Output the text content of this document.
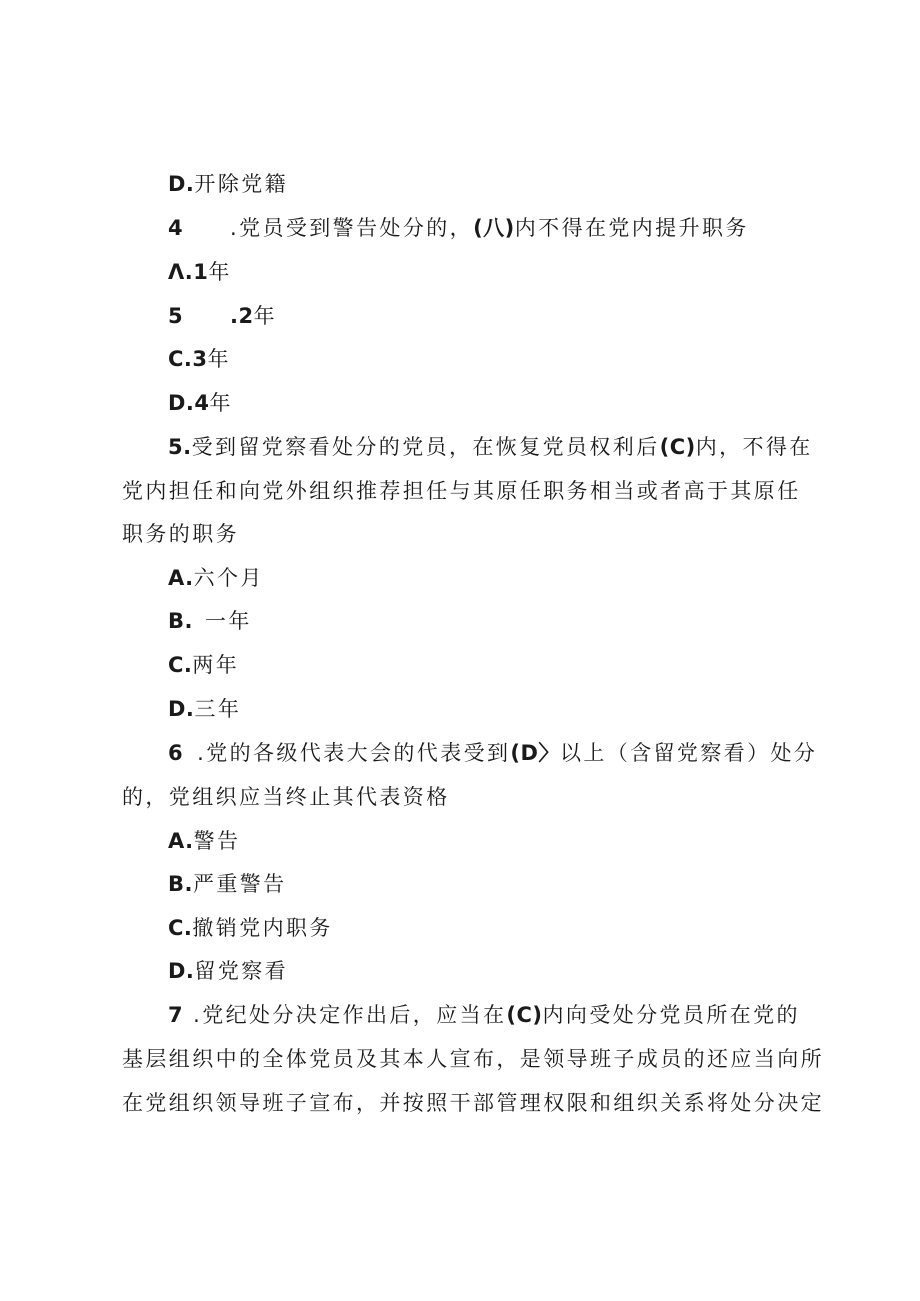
D.开除党籍
4 .党员受到警告处分的，(八)内不得在党内提升职务
Λ.1年
5 .2年
C.3年
D.4年
5.受到留党察看处分的党员，在恢复党员权利后(C)内，不得在
党内担任和向党外组织推荐担任与其原任职务相当或者高于其原任
职务的职务
A.六个月
B. 一年
C.两年
D.三年
6 .党的各级代表大会的代表受到(D〉以上（含留党察看）处分
的，党组织应当终止其代表资格
A.警告
B.严重警告
C.撤销党内职务
D.留党察看
7 .党纪处分决定作出后，应当在(C)内向受处分党员所在党的
基层组织中的全体党员及其本人宣布，是领导班子成员的还应当向所
在党组织领导班子宣布，并按照干部管理权限和组织关系将处分决定
